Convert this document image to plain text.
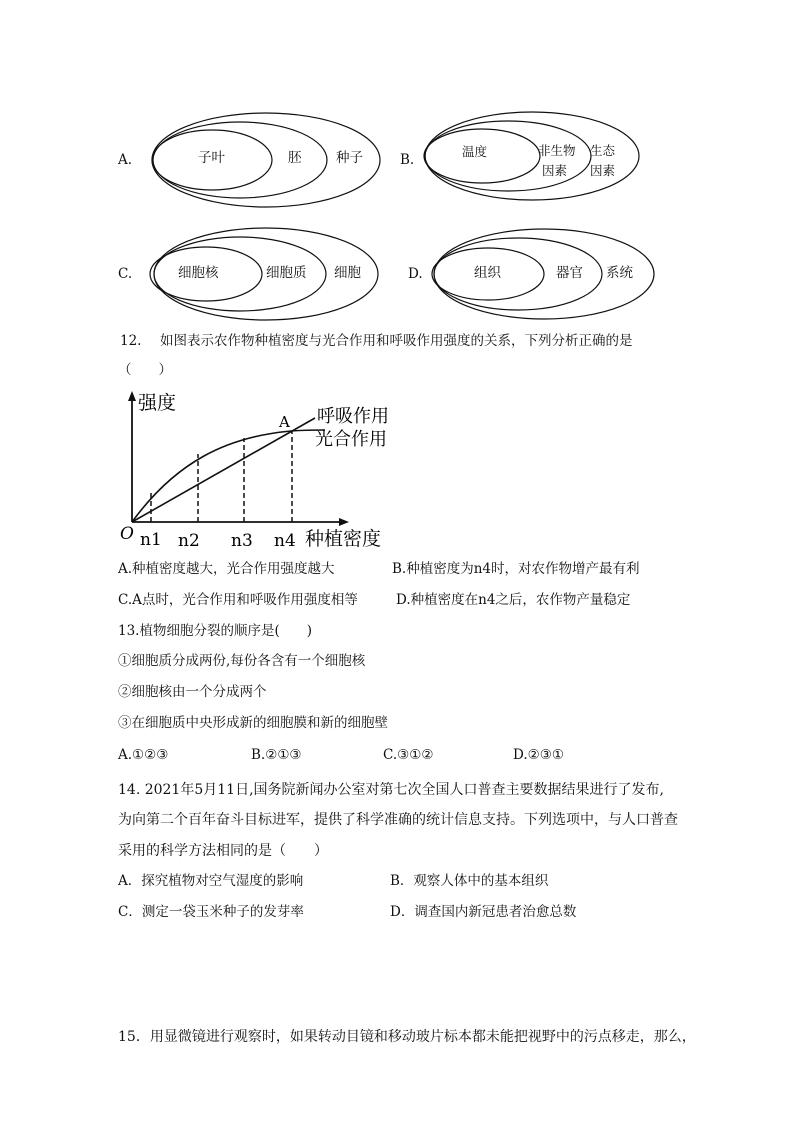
A.	子叶	胚	种子	B.
温度	非生物
因素
生态
因素
C.	细胞核	细胞质 细胞	D.	组织	器官 系统
12. 如图表示农作物种植密度与光合作用和呼吸作用强度的关系，下列分析正确的是
（　　）
强度
O n1 n2 n3 n4 种植密度
A 呼吸作用
光合作用
A.种植密度越大，光合作用强度越大	B.种植密度为n4时，对农作物增产最有利
C.A点时，光合作用和呼吸作用强度相等	D.种植密度在n4之后，农作物产量稳定
13.植物细胞分裂的顺序是(　　)
①细胞质分成两份,每份各含有一个细胞核
②细胞核由一个分成两个
③在细胞质中央形成新的细胞膜和新的细胞壁
A.①②③	B.②①③	C.③①②	D.②③①
14. 2021年5月11日,国务院新闻办公室对第七次全国人口普查主要数据结果进行了发布,
为向第二个百年奋斗目标进军，提供了科学准确的统计信息支持。下列选项中，与人口普查
采用的科学方法相同的是（　　）
A．探究植物对空气湿度的影响	B．观察人体中的基本组织
C．测定一袋玉米种子的发芽率	D．调查国内新冠患者治愈总数
15．用显微镜进行观察时，如果转动目镜和移动玻片标本都未能把视野中的污点移走，那么，
